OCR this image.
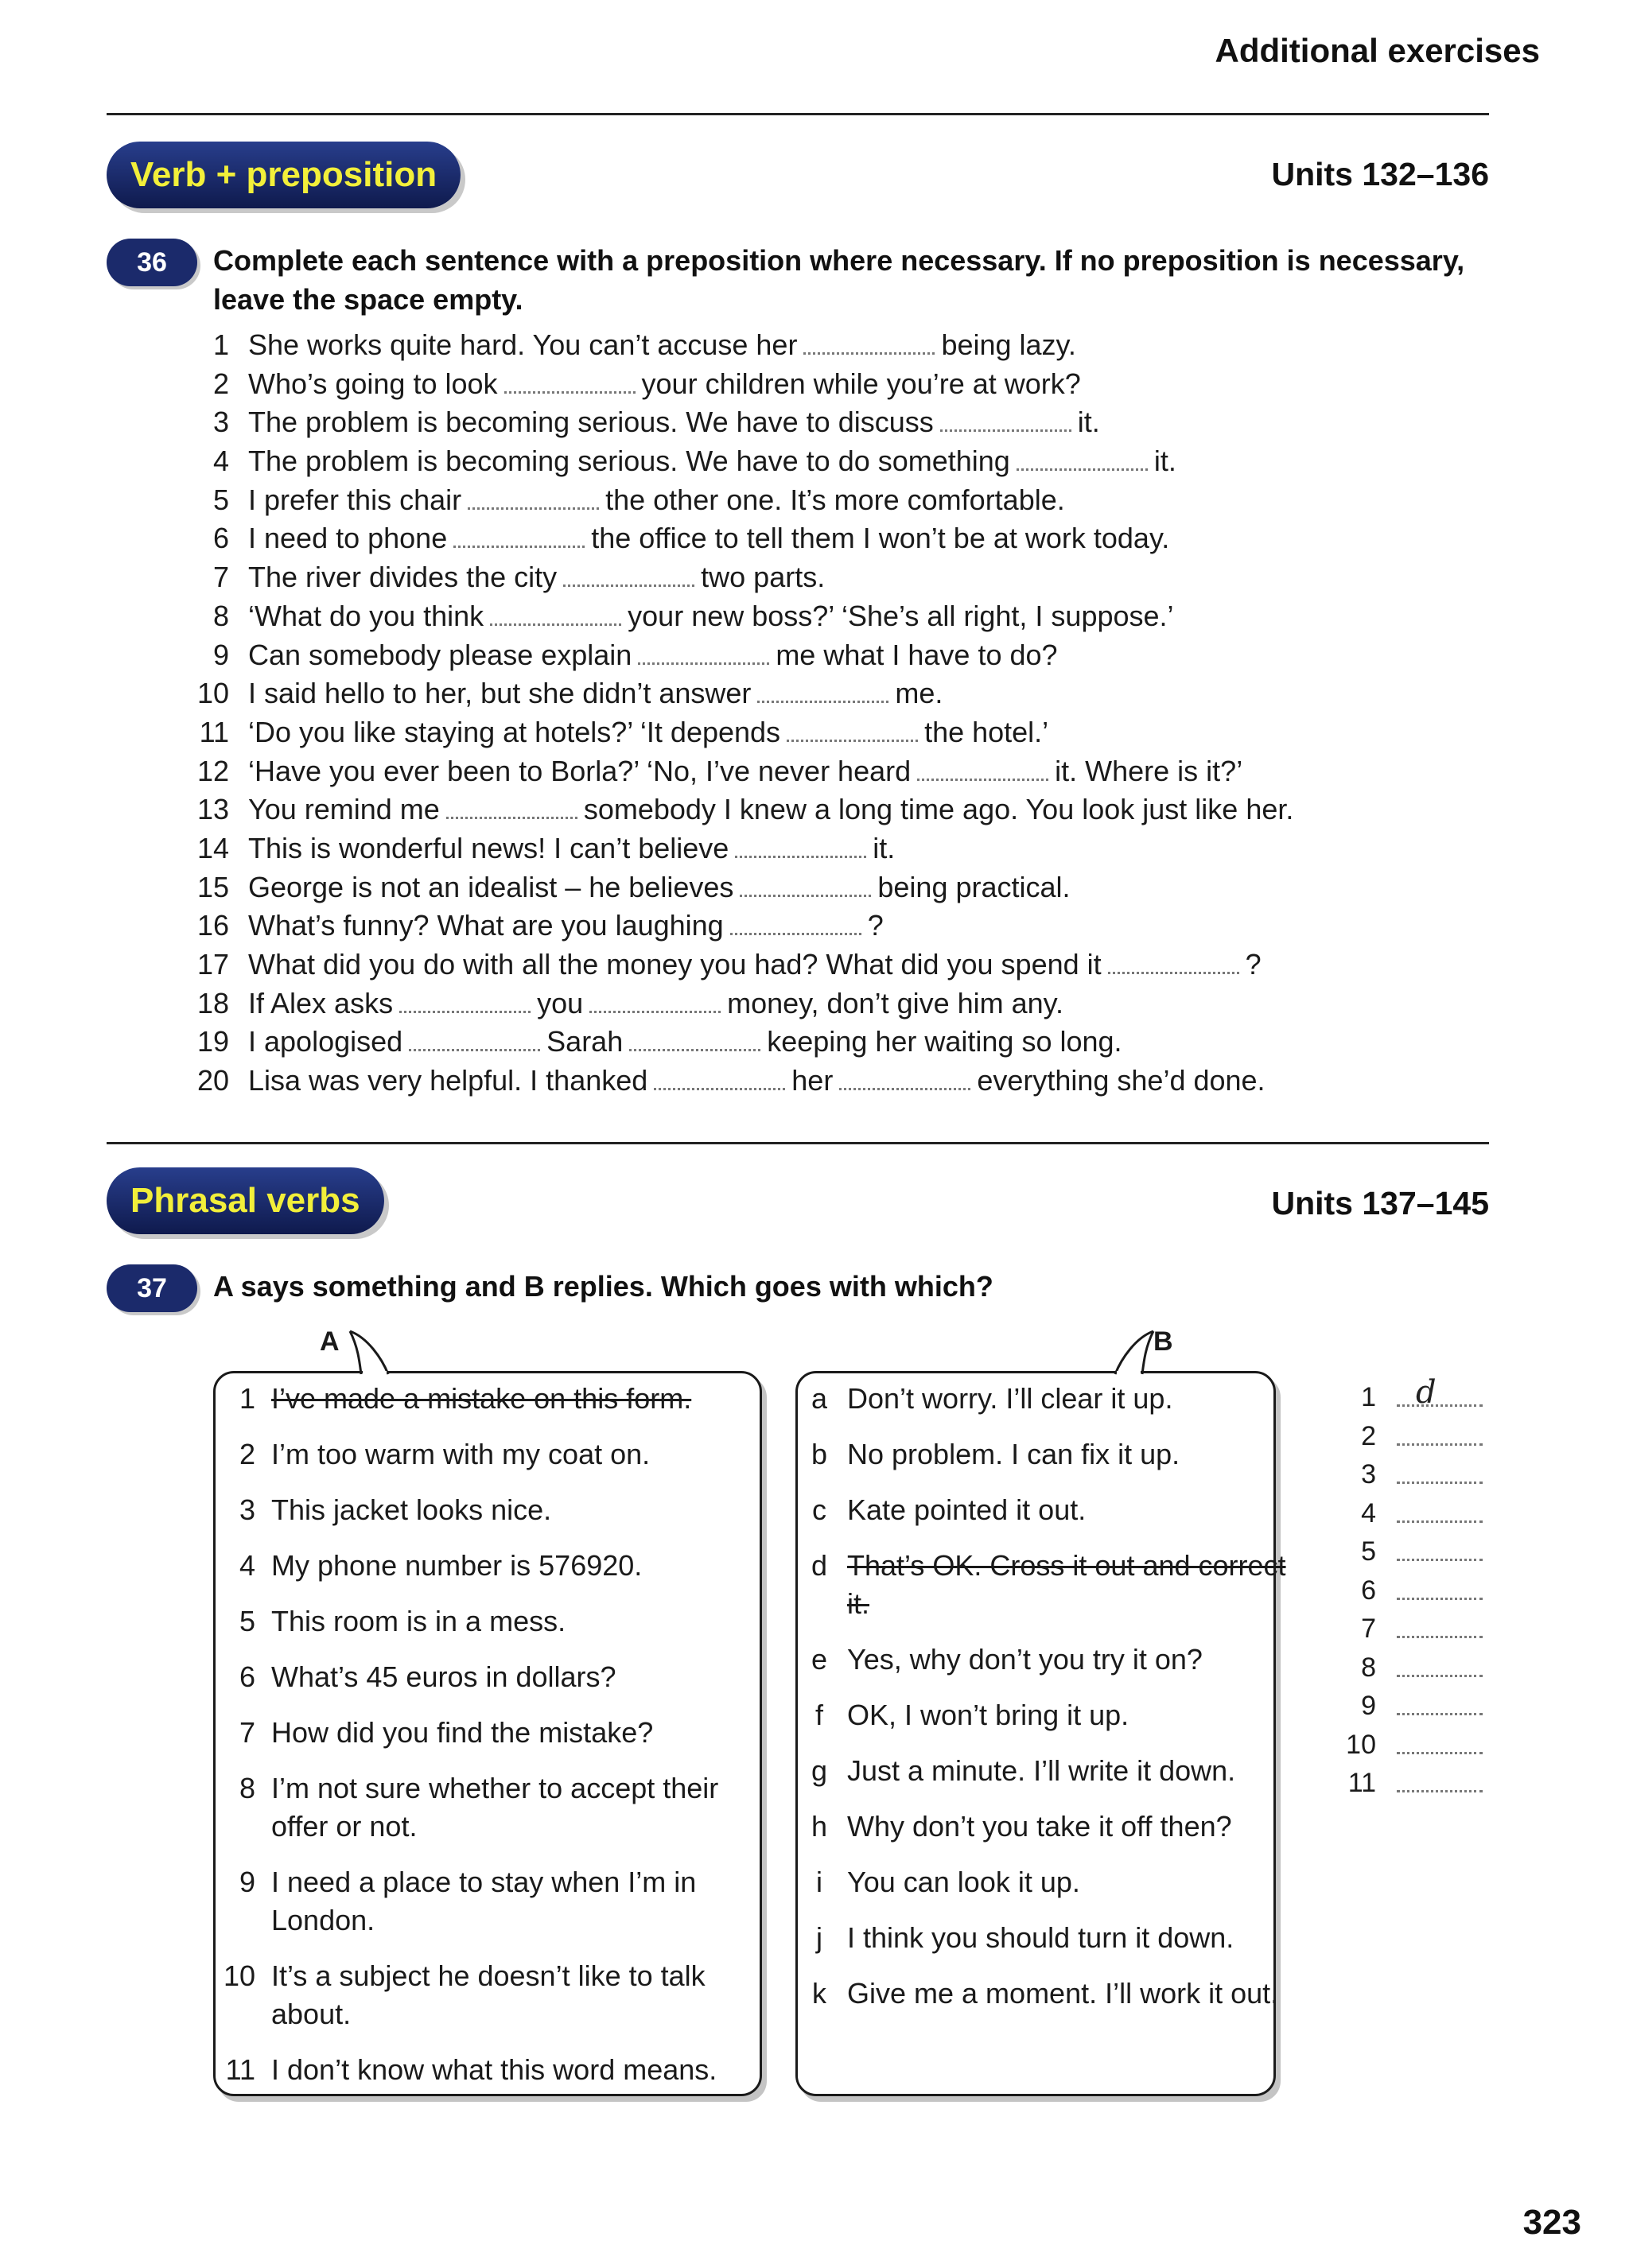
Additional exercises
Verb + preposition	Units 132–136
36	Complete each sentence with a preposition where necessary. If no preposition is necessary, leave the space empty.
1 She works quite hard. You can’t accuse her	being lazy.
2 Who’s going to look	your children while you’re at work?
3 The problem is becoming serious. We have to discuss	it.
4 The problem is becoming serious. We have to do something	it.
5 I prefer this chair	the other one. It’s more comfortable.
6 I need to phone	the office to tell them I won’t be at work today.
7 The river divides the city	two parts.
8 ‘What do you think	your new boss?’ ‘She’s all right, I suppose.’
9 Can somebody please explain	me what I have to do?
10 I said hello to her, but she didn’t answer	me.
11 ‘Do you like staying at hotels?’ ‘It depends	the hotel.’
12 ‘Have you ever been to Borla?’ ‘No, I’ve never heard	it. Where is it?’
13 You remind me	somebody I knew a long time ago. You look just like her.
14 This is wonderful news! I can’t believe	it.
15 George is not an idealist – he believes	being practical.
16 What’s funny? What are you laughing	?
17 What did you do with all the money you had? What did you spend it	?
18 If Alex asks	you	money, don’t give him any.
19 I apologised	Sarah	keeping her waiting so long.
20 Lisa was very helpful. I thanked	her	everything she’d done.
Phrasal verbs	Units 137–145
37	A says something and B replies. Which goes with which?
1 I’ve made a mistake on this form.
2 I’m too warm with my coat on.
3 This jacket looks nice.
4 My phone number is 576920.
5 This room is in a mess.
6 What’s 45 euros in dollars?
7 How did you find the mistake?
8 I’m not sure whether to accept their offer or not.
9 I need a place to stay when I’m in London.
10 It’s a subject he doesn’t like to talk about.
11 I don’t know what this word means.
A
a Don’t worry. I’ll clear it up.
b No problem. I can fix it up.
c Kate pointed it out.
d That’s OK. Cross it out and correct it.
e Yes, why don’t you try it on?
f OK, I won’t bring it up.
g Just a minute. I’ll write it down.
h Why don’t you take it off then?
i You can look it up.
j I think you should turn it down.
k Give me a moment. I’ll work it out.
B
1 d
2
3
4
5
6
7
8
9
10
11
323
